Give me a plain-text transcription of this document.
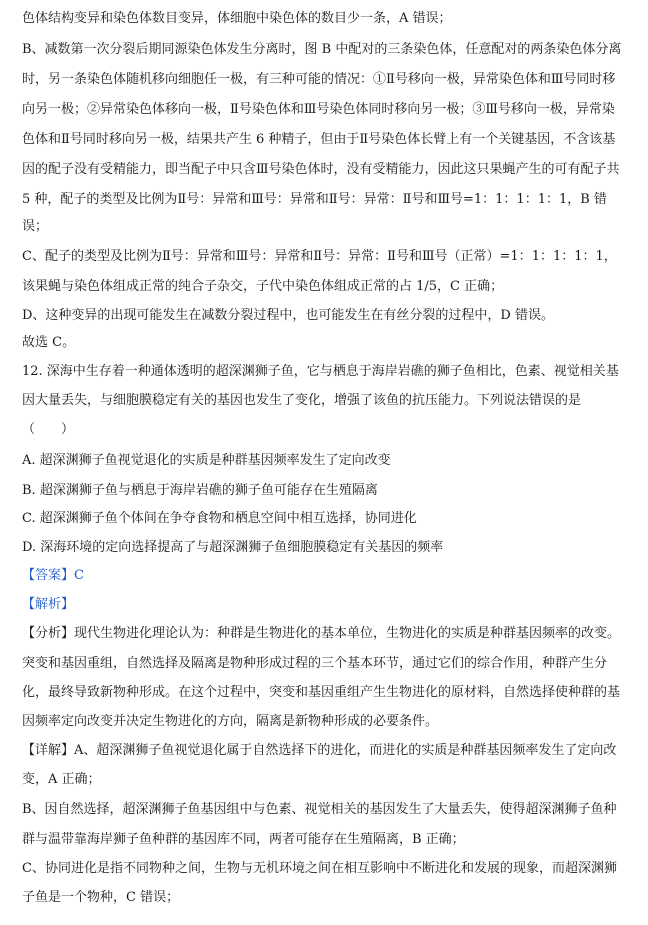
色体结构变异和染色体数目变异，体细胞中染色体的数目少一条，A 错误；
B、减数第一次分裂后期同源染色体发生分离时，图 B 中配对的三条染色体，任意配对的两条染色体分离
时，另一条染色体随机移向细胞任一极，有三种可能的情况：①Ⅱ号移向一极，异常染色体和Ⅲ号同时移
向另一极；②异常染色体移向一极，Ⅱ号染色体和Ⅲ号染色体同时移向另一极；③Ⅲ号移向一极，异常染
色体和Ⅱ号同时移向另一极，结果共产生 6 种精子，但由于Ⅱ号染色体长臂上有一个关键基因，不含该基
因的配子没有受精能力，即当配子中只含Ⅲ号染色体时，没有受精能力，因此这只果蝇产生的可有配子共
5 种，配子的类型及比例为Ⅱ号：异常和Ⅲ号：异常和Ⅱ号：异常：Ⅱ号和Ⅲ号=1：1：1：1：1，B 错
误；
C、配子的类型及比例为Ⅱ号：异常和Ⅲ号：异常和Ⅱ号：异常：Ⅱ号和Ⅲ号（正常）=1：1：1：1：1，
该果蝇与染色体组成正常的纯合子杂交，子代中染色体组成正常的占 1/5，C 正确；
D、这种变异的出现可能发生在减数分裂过程中，也可能发生在有丝分裂的过程中，D 错误。
故选 C。
12. 深海中生存着一种通体透明的超深渊狮子鱼，它与栖息于海岸岩礁的狮子鱼相比，色素、视觉相关基
因大量丢失，与细胞膜稳定有关的基因也发生了变化，增强了该鱼的抗压能力。下列说法错误的是
（　　）
A. 超深渊狮子鱼视觉退化的实质是种群基因频率发生了定向改变
B. 超深渊狮子鱼与栖息于海岸岩礁的狮子鱼可能存在生殖隔离
C. 超深渊狮子鱼个体间在争夺食物和栖息空间中相互选择，协同进化
D. 深海环境的定向选择提高了与超深渊狮子鱼细胞膜稳定有关基因的频率
【答案】C
【解析】
【分析】现代生物进化理论认为：种群是生物进化的基本单位，生物进化的实质是种群基因频率的改变。
突变和基因重组，自然选择及隔离是物种形成过程的三个基本环节，通过它们的综合作用，种群产生分
化，最终导致新物种形成。在这个过程中，突变和基因重组产生生物进化的原材料，自然选择使种群的基
因频率定向改变并决定生物进化的方向，隔离是新物种形成的必要条件。
【详解】A、超深渊狮子鱼视觉退化属于自然选择下的进化，而进化的实质是种群基因频率发生了定向改
变，A 正确；
B、因自然选择，超深渊狮子鱼基因组中与色素、视觉相关的基因发生了大量丢失，使得超深渊狮子鱼种
群与温带靠海岸狮子鱼种群的基因库不同，两者可能存在生殖隔离，B 正确；
C、协同进化是指不同物种之间，生物与无机环境之间在相互影响中不断进化和发展的现象，而超深渊狮
子鱼是一个物种，C 错误；
